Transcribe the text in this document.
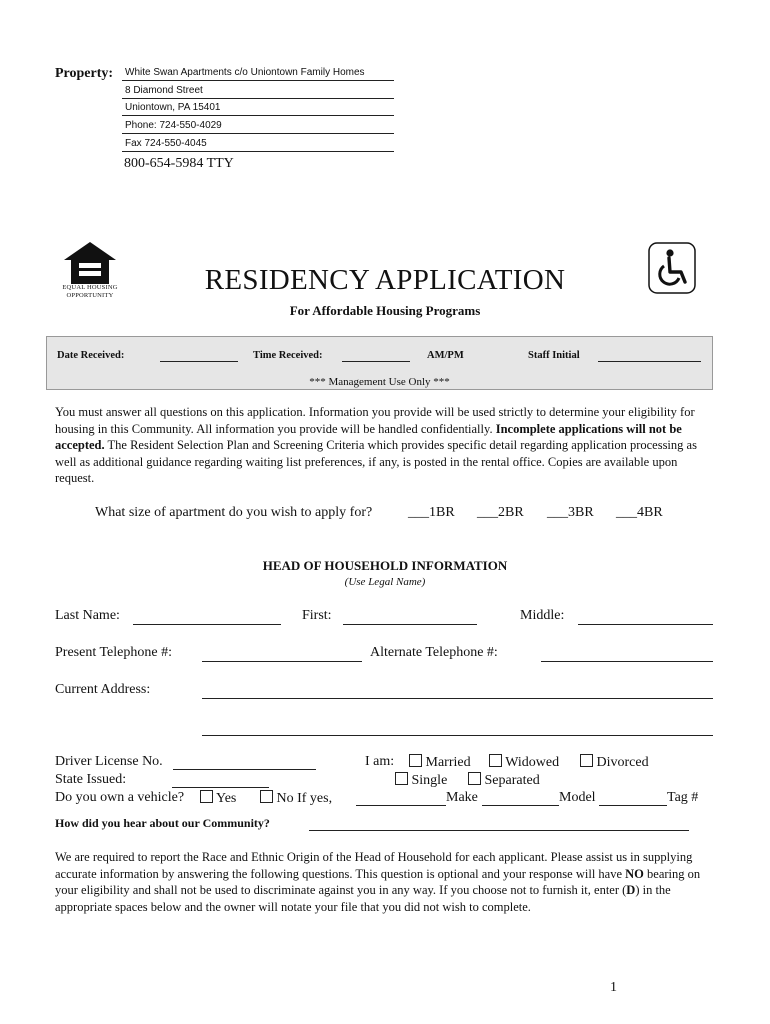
Property:	White Swan Apartments c/o Uniontown Family Homes
8 Diamond Street
Uniontown, PA 15401
Phone: 724-550-4029
Fax 724-550-4045
800-654-5984 TTY
EQUAL HOUSING OPPORTUNITY	RESIDENCY APPLICATION
For Affordable Housing Programs
Date Received:	Time Received:	AM/PM	Staff Initial
*** Management Use Only ***
You must answer all questions on this application. Information you provide will be used strictly to determine your eligibility for housing in this Community. All information you provide will be handled confidentially. Incomplete applications will not be accepted. The Resident Selection Plan and Screening Criteria which provides specific detail regarding application processing as well as additional guidance regarding waiting list preferences, if any, is posted in the rental office. Copies are available upon request.
What size of apartment do you wish to apply for?	___1BR ___2BR ___3BR ___4BR
HEAD OF HOUSEHOLD INFORMATION
(Use Legal Name)
Last Name:	First:	Middle:
Present Telephone #:	Alternate Telephone #:
Current Address:
Driver License No.
State Issued:
I am:	Married	Widowed	Divorced
Single	Separated
Do you own a vehicle?	Yes	No If yes,	Make	Model	Tag #
How did you hear about our Community?
We are required to report the Race and Ethnic Origin of the Head of Household for each applicant. Please assist us in supplying accurate information by answering the following questions. This question is optional and your response will have NO bearing on your eligibility and shall not be used to discriminate against you in any way. If you choose not to furnish it, enter (D) in the appropriate spaces below and the owner will notate your file that you did not wish to complete.
1
